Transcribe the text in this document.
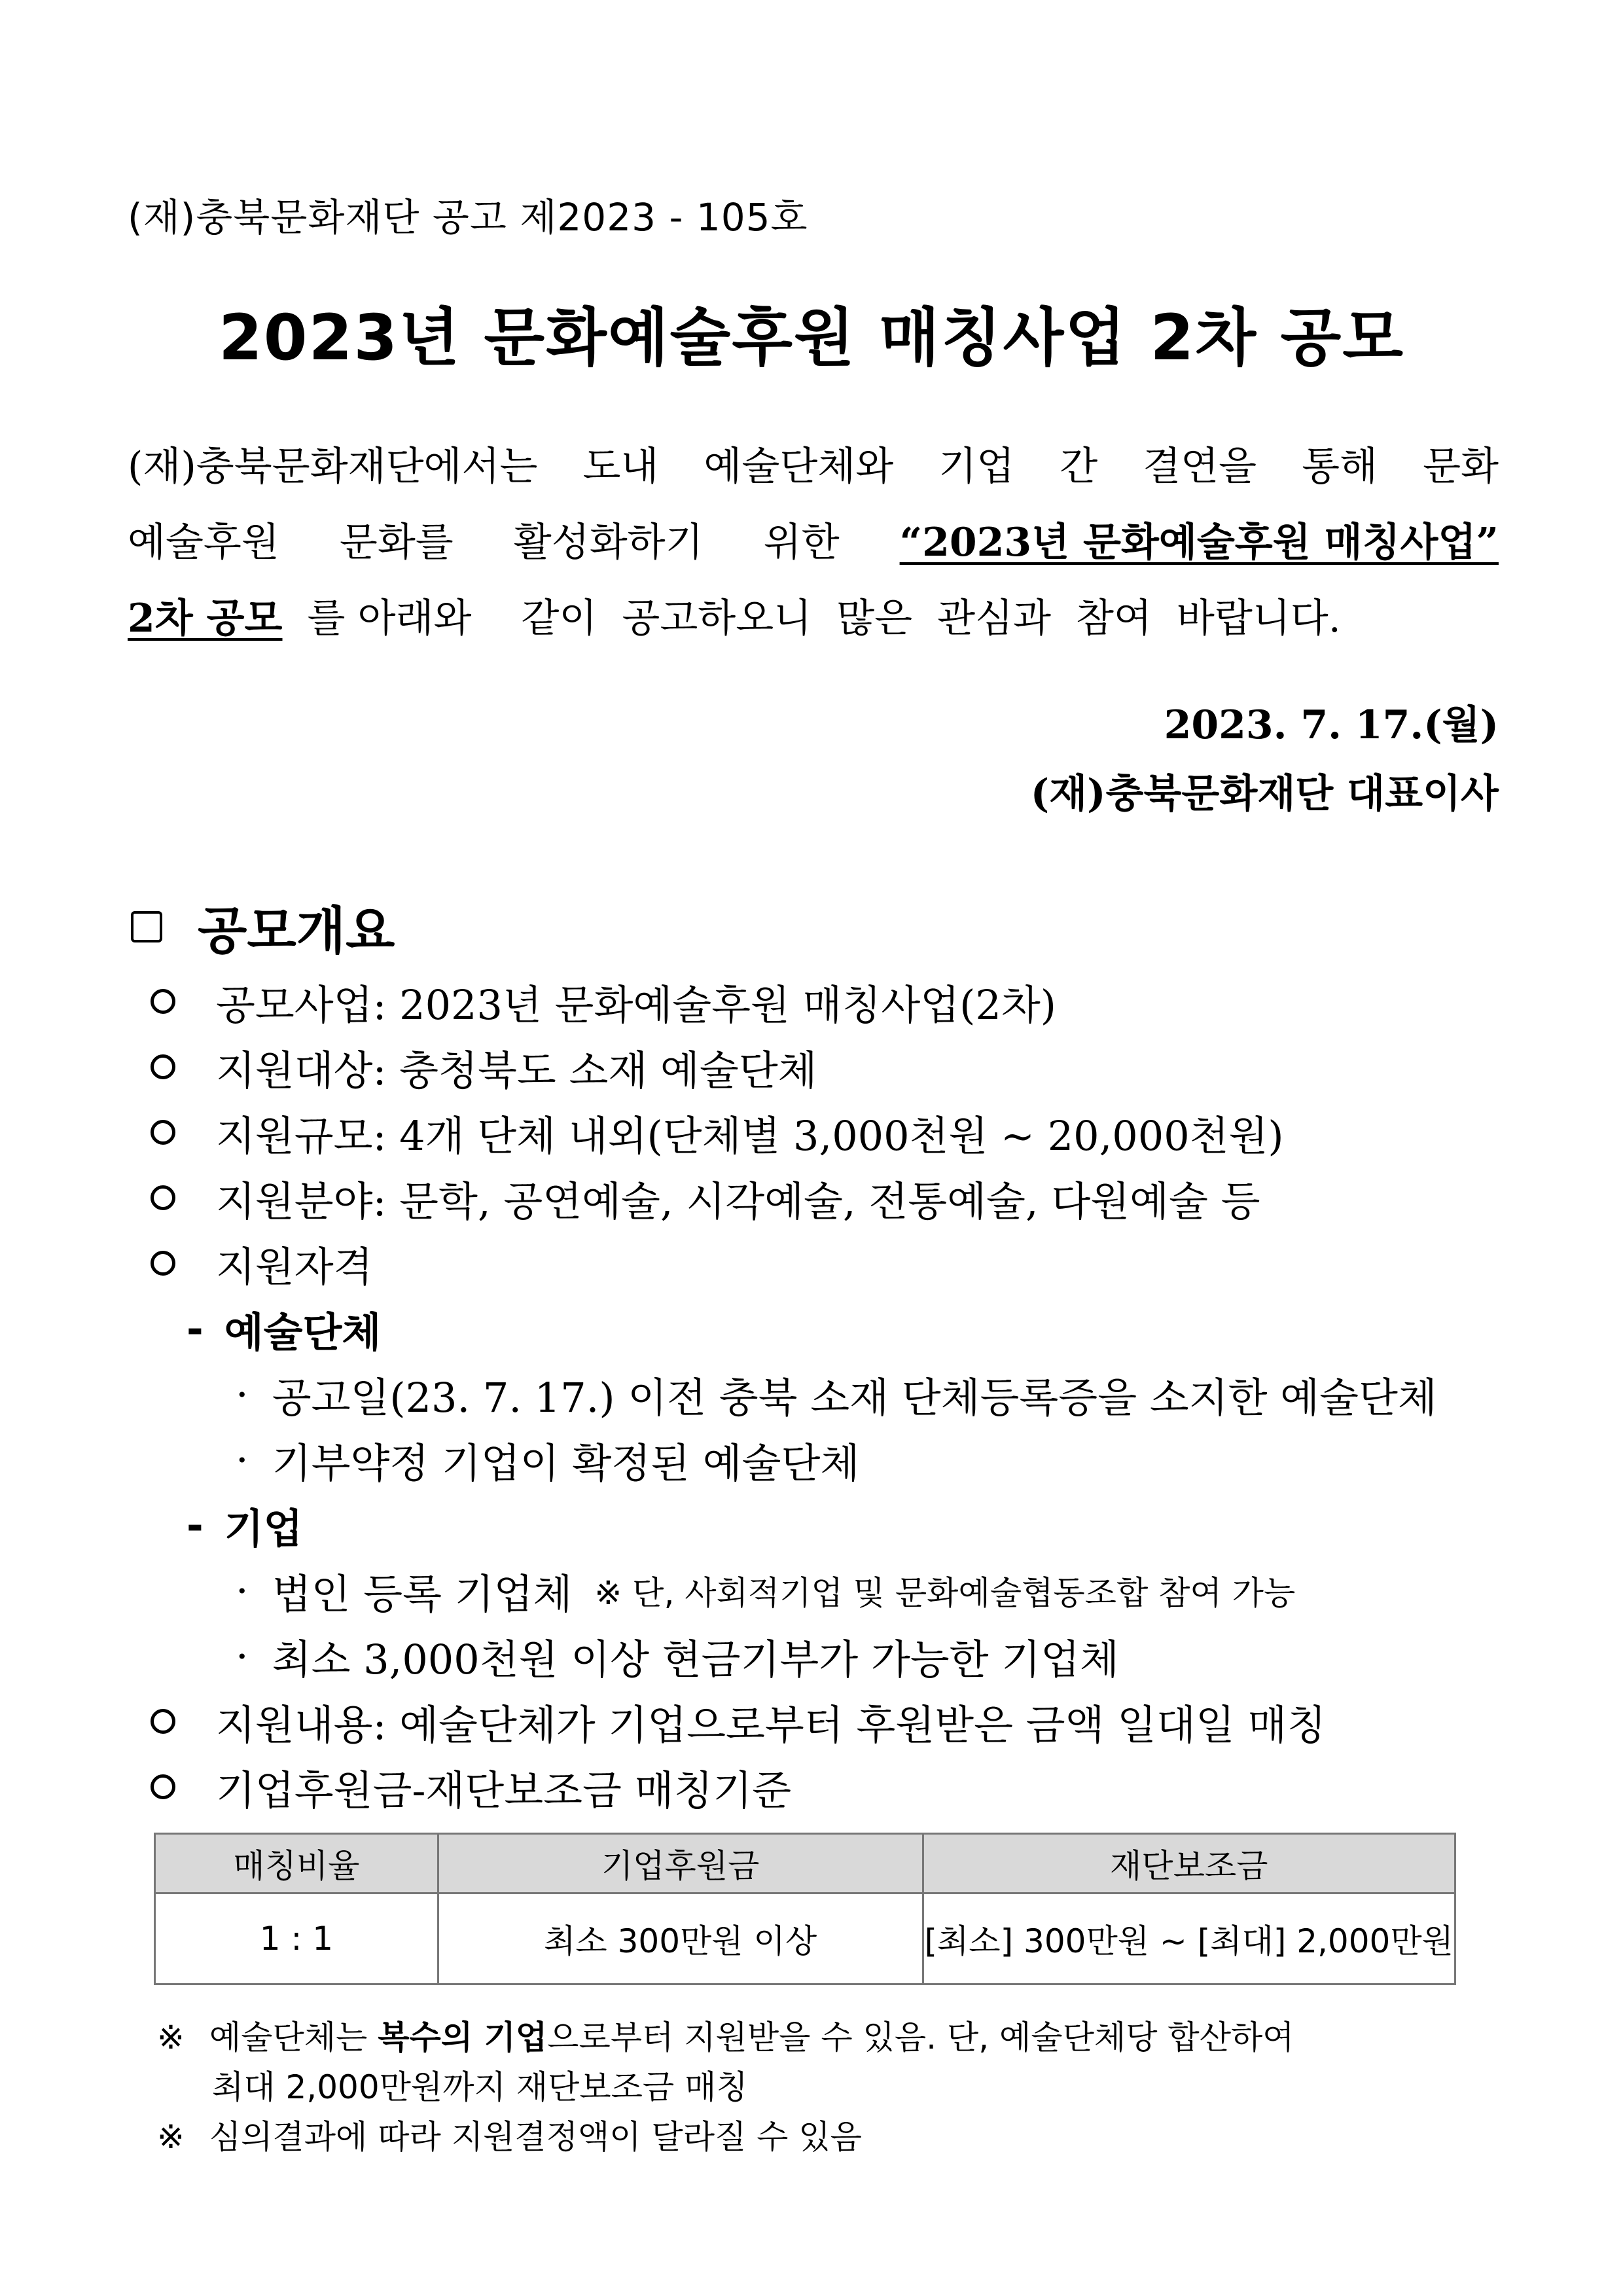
(재)충북문화재단 공고 제2023 - 105호
2023년 문화예술후원 매칭사업 2차 공모
(재)충북문화재단에서는 도내 예술단체와 기업 간 결연을 통해 문화
예술후원 문화를 활성화하기 위한 “2023년 문화예술후원 매칭사업”
2차 공모 를 아래와	같이 공고하오니 많은 관심과 참여 바랍니다.
2023. 7. 17.(월)
(재)충북문화재단 대표이사
공모개요
공모사업: 2023년 문화예술후원 매칭사업(2차)
지원대상: 충청북도 소재 예술단체
지원규모: 4개 단체 내외(단체별 3,000천원 ~ 20,000천원)
지원분야: 문학, 공연예술, 시각예술, 전통예술, 다원예술 등
지원자격
- 예술단체
· 공고일(23. 7. 17.) 이전 충북 소재 단체등록증을 소지한 예술단체
· 기부약정 기업이 확정된 예술단체
- 기업
· 법인 등록 기업체 ※ 단, 사회적기업 및 문화예술협동조합 참여 가능
· 최소 3,000천원 이상 현금기부가 가능한 기업체
지원내용: 예술단체가 기업으로부터 후원받은 금액 일대일 매칭
기업후원금-재단보조금 매칭기준
매칭비율	기업후원금	재단보조금
1 : 1	최소 300만원 이상	[최소] 300만원 ~ [최대] 2,000만원
※ 예술단체는 복수의 기업으로부터 지원받을 수 있음. 단, 예술단체당 합산하여
최대 2,000만원까지 재단보조금 매칭
※ 심의결과에 따라 지원결정액이 달라질 수 있음
